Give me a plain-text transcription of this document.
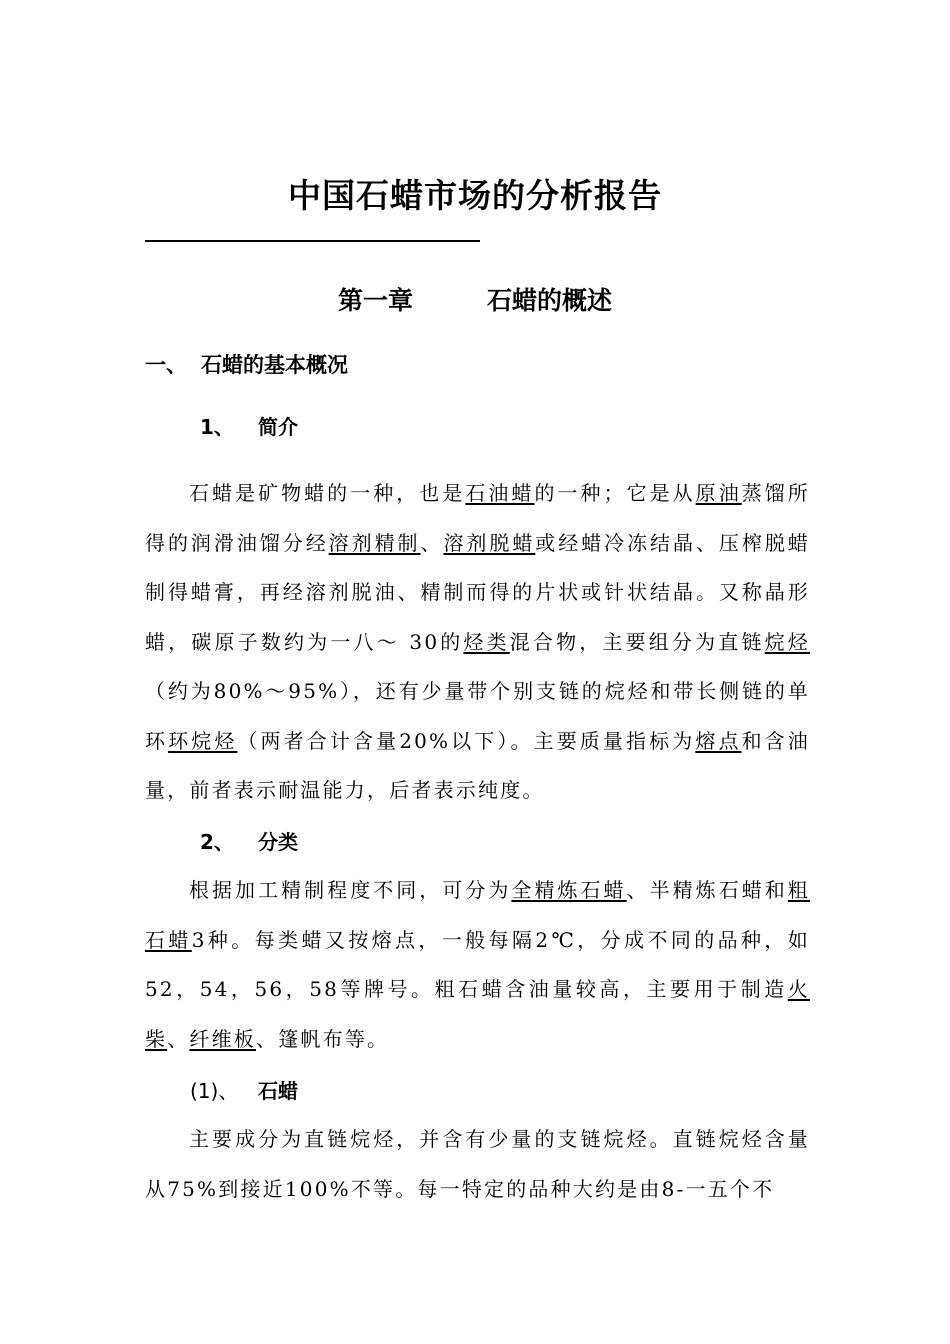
中国石蜡市场的分析报告
第一章	石蜡的概述
一、 石蜡的基本概况
1、 简介

石蜡是矿物蜡的一种，也是石油蜡的一种；它是从原油蒸馏所得的润滑油馏分经溶剂精制、溶剂脱蜡或经蜡冷冻结晶、压榨脱蜡制得蜡膏，再经溶剂脱油、精制而得的片状或针状结晶。又称晶形蜡，碳原子数约为一八～ 30的烃类混合物，主要组分为直链烷烃（约为80%～95%），还有少量带个别支链的烷烃和带长侧链的单环环烷烃（两者合计含量20%以下）。主要质量指标为熔点和含油量，前者表示耐温能力，后者表示纯度。

2、 分类

根据加工精制程度不同，可分为全精炼石蜡、半精炼石蜡和粗石蜡3种。每类蜡又按熔点，一般每隔2℃，分成不同的品种，如52，54，56，58等牌号。粗石蜡含油量较高，主要用于制造火柴、纤维板、篷帆布等。

(1)、 石蜡

主要成分为直链烷烃，并含有少量的支链烷烃。直链烷烃含量从75%到接近100%不等。每一特定的品种大约是由8-一五个不
